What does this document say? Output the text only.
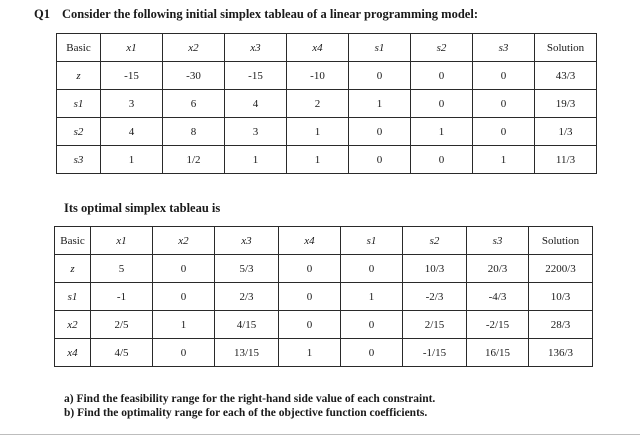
Q1 Consider the following initial simplex tableau of a linear programming model:
Basic	x1	x2	x3	x4	s1	s2	s3	Solution
z	-15	-30	-15	-10	0	0	0	43/3
s1	3	6	4	2	1	0	0	19/3
s2	4	8	3	1	0	1	0	1/3
s3	1	1/2	1	1	0	0	1	11/3
Its optimal simplex tableau is
Basic	x1	x2	x3	x4	s1	s2	s3	Solution
z	5	0	5/3	0	0	10/3	20/3	2200/3
s1	-1	0	2/3	0	1	-2/3	-4/3	10/3
x2	2/5	1	4/15	0	0	2/15	-2/15	28/3
x4	4/5	0	13/15	1	0	-1/15	16/15	136/3
a) Find the feasibility range for the right-hand side value of each constraint.
b) Find the optimality range for each of the objective function coefficients.
